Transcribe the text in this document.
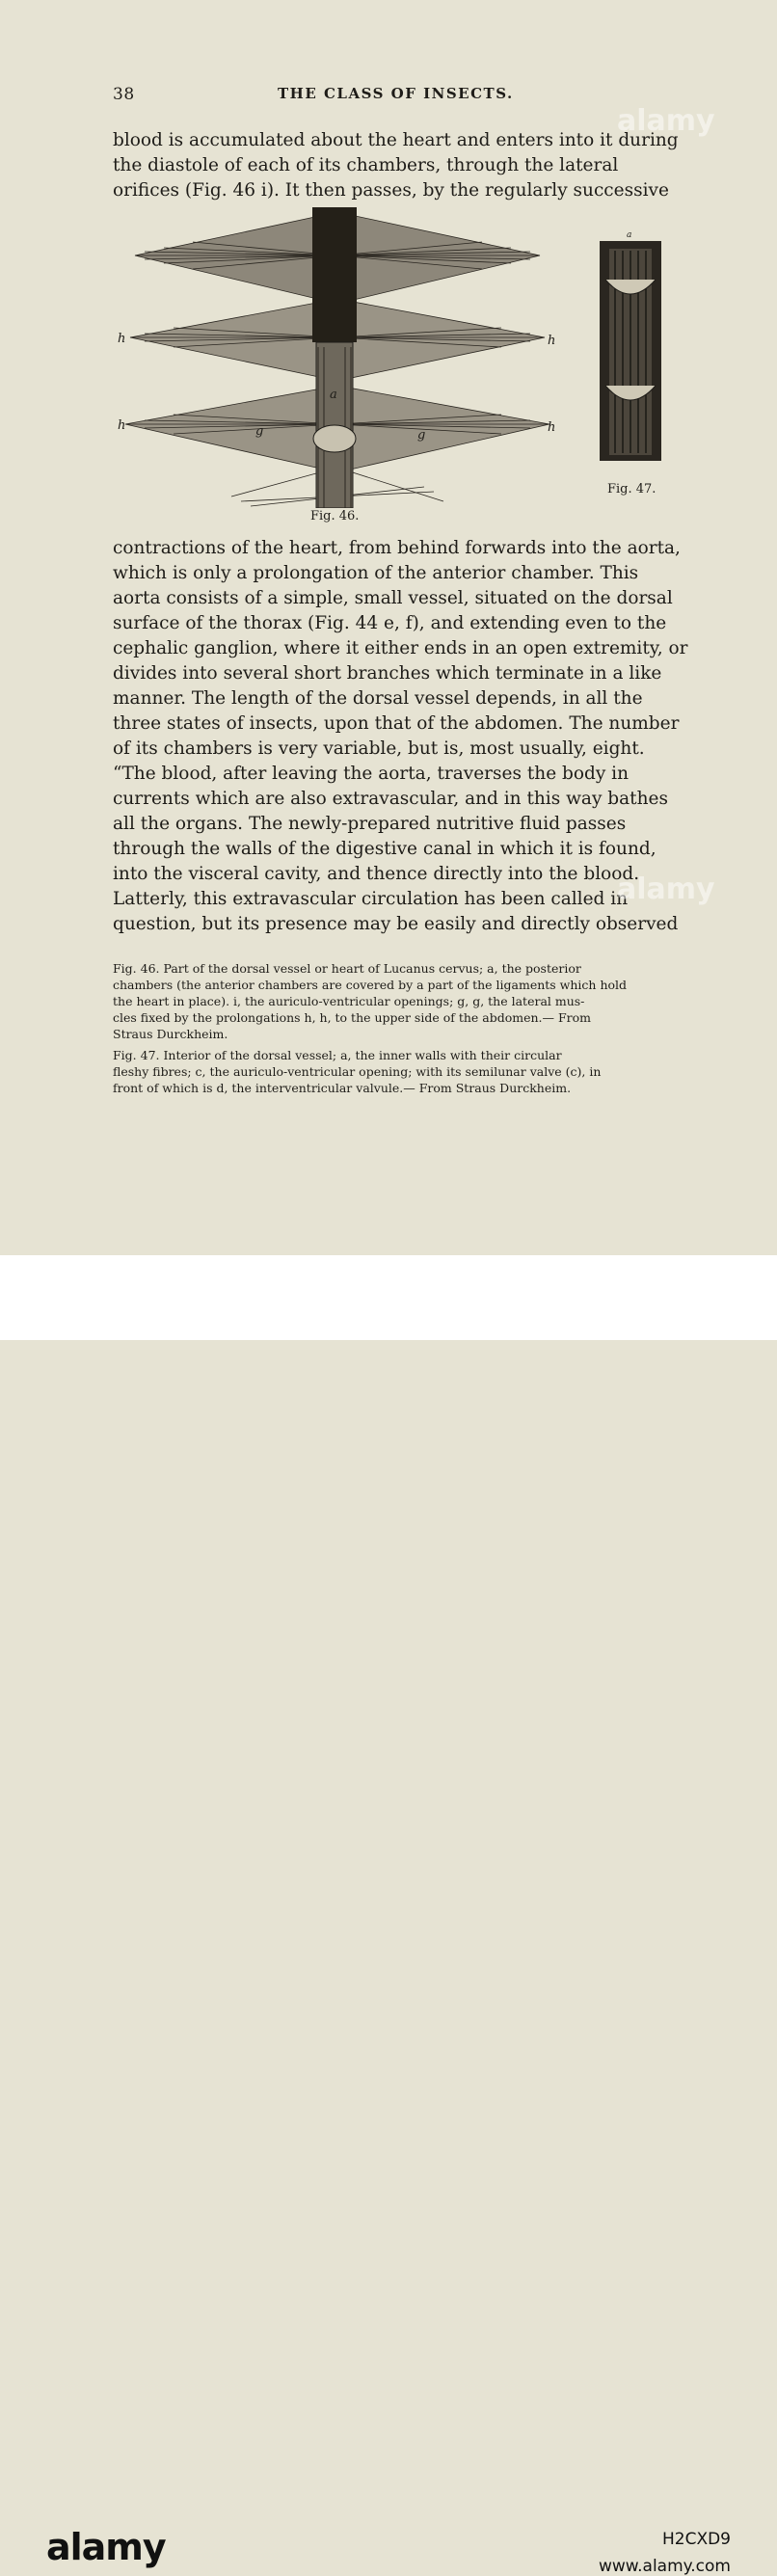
38	THE CLASS OF INSECTS.
blood is accumulated about the heart and enters into it during
the diastole of each of its chambers, through the lateral
orifices (Fig. 46 i). It then passes, by the regularly successive
h	h
h	h
g	g
a
Fig. 46.
a
Fig. 47.
contractions of the heart, from behind forwards into the aorta,
which is only a prolongation of the anterior chamber. This
aorta consists of a simple, small vessel, situated on the dorsal
surface of the thorax (Fig. 44 e, f), and extending even to the
cephalic ganglion, where it either ends in an open extremity, or
divides into several short branches which terminate in a like
manner. The length of the dorsal vessel depends, in all the
three states of insects, upon that of the abdomen. The number
of its chambers is very variable, but is, most usually, eight.
“The blood, after leaving the aorta, traverses the body in
currents which are also extravascular, and in this way bathes
all the organs. The newly-prepared nutritive fluid passes
through the walls of the digestive canal in which it is found,
into the visceral cavity, and thence directly into the blood.
Latterly, this extravascular circulation has been called in
question, but its presence may be easily and directly observed
Fig. 46. Part of the dorsal vessel or heart of Lucanus cervus; a, the posterior
chambers (the anterior chambers are covered by a part of the ligaments which hold
the heart in place). i, the auriculo-ventricular openings; g, g, the lateral mus-
cles fixed by the prolongations h, h, to the upper side of the abdomen.— From
Straus Durckheim.
Fig. 47. Interior of the dorsal vessel; a, the inner walls with their circular
fleshy fibres; c, the auriculo-ventricular opening; with its semilunar valve (c), in
front of which is d, the interventricular valvule.— From Straus Durckheim.
alamy
alamy
alamy	H2CXD9
www.alamy.com
